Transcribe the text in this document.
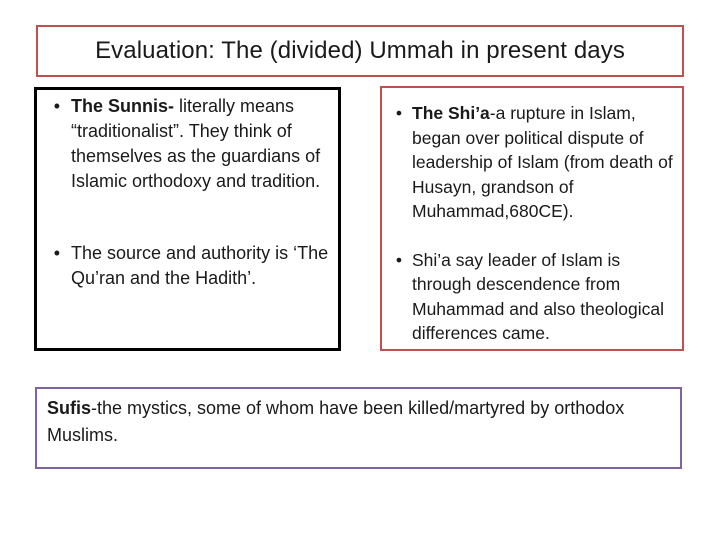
Evaluation: The (divided) Ummah in present days
• The Sunnis- literally means “traditionalist”. They think of themselves as the guardians of Islamic orthodoxy and tradition.
• The source and authority is ‘The Qu’ran and the Hadith’.
• The Shi’a-a rupture in Islam, began over political dispute of leadership of Islam (from death of Husayn, grandson of Muhammad,680CE).
• Shi’a say leader of Islam is through descendence from Muhammad and also theological differences came.
Sufis-the mystics, some of whom have been killed/martyred by orthodox Muslims.
